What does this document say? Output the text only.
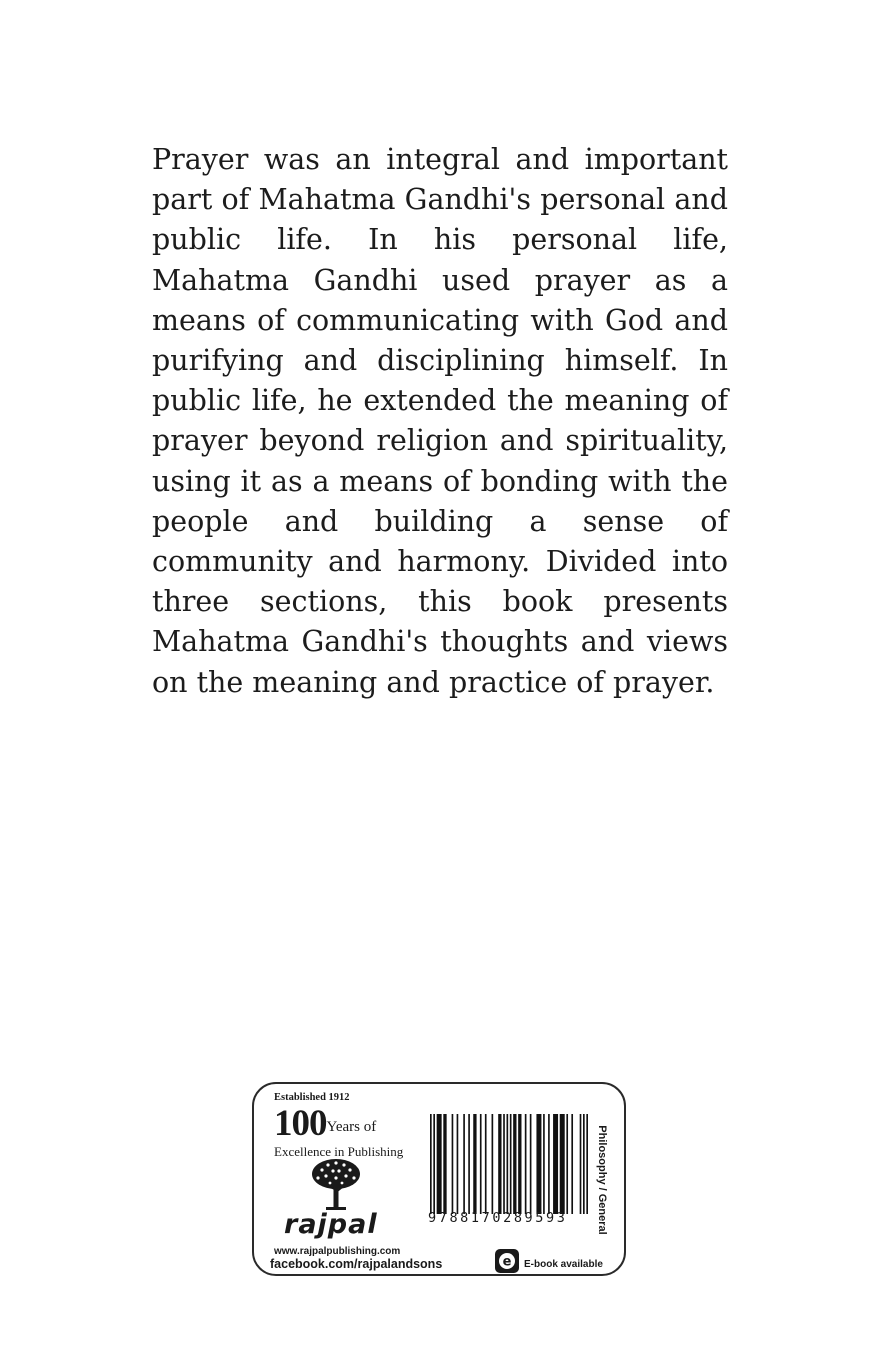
Prayer was an integral and important part of Mahatma Gandhi's personal and public life. In his personal life, Mahatma Gandhi used prayer as a means of communicating with God and purifying and disciplining himself. In public life, he extended the meaning of prayer beyond religion and spirituality, using it as a means of bonding with the people and building a sense of community and harmony. Divided into three sections, this book presents Mahatma Gandhi's thoughts and views on the meaning and practice of prayer.

Established 1912

100Years of
Excellence in Publishing
rajpal
www.rajpalpublishing.com
facebook.com/rajpalandsons
9788170289593
e E-book available
Philosophy / General
